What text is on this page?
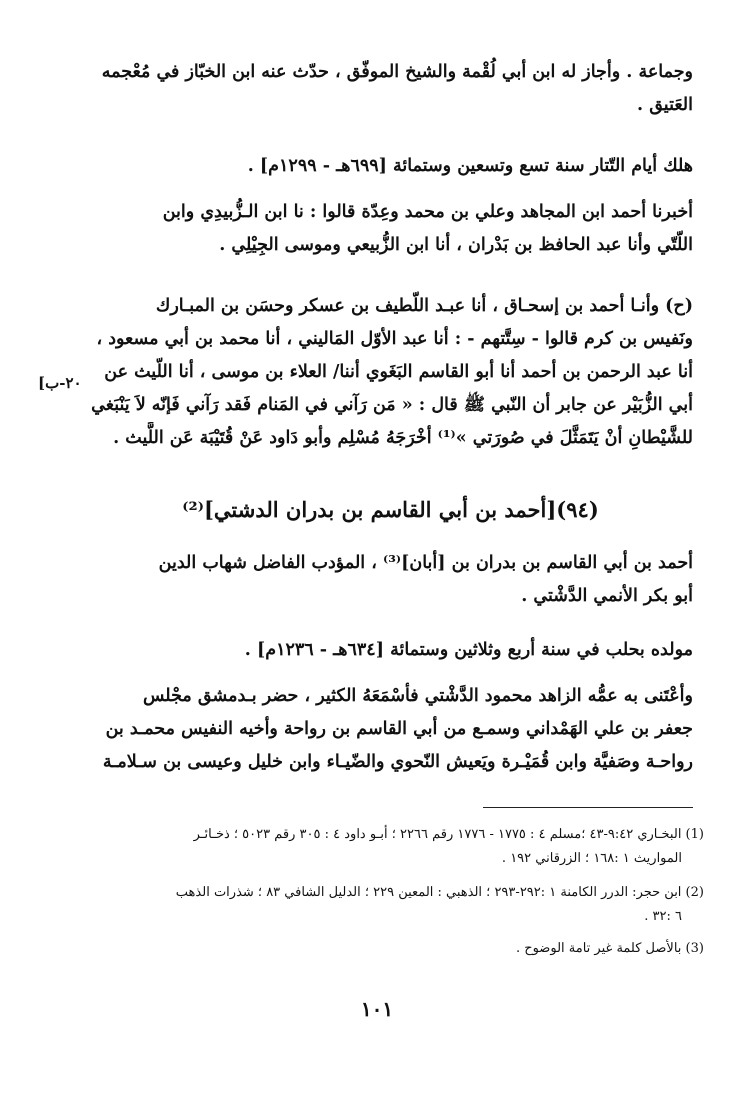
وجماعة . وأجاز له ابن أبي لُقْمة والشيخ الموفّق ، حدّث عنه ابن الخبّاز في مُعْجمه
العَتيق .
هلك أيام التّتار سنة تسع وتسعين وستمائة [٦٩٩هـ - ١٢٩٩م] .
أخبرنا أحمد ابن المجاهد وعلي بن محمد وعِدّة قالوا : نا ابن الـزُّبيدِي وابن
اللّتّي وأنا عبد الحافظ بن بَدْران ، أنا ابن الزُّبيعي وموسى الجِيْلِي .
(ح) وأنـا أحمد بن إسحـاق ، أنا عبـد اللّطيف بن عسكر وحسَن بن المبـارك
ونَفيس بن كرم قالوا - سِتَّتهم - : أنا عبد الأوّل المَاليني ، أنا محمد بن أبي مسعود ،
أنا عبد الرحمن بن أحمد أنا أبو القاسم البَغَوي أننا/ العلاء بن موسى ، أنا اللّيث عن
أبي الزُّبَيْر عن جابر أن النّبي ﷺ قال : « مَن رَآني في المَنام فَقد رَآني فَإنّه لاَ يَنْبَغي
للشَّيْطانِ أنْ يَتَمَثَّلَ في صُورَتي »⁽¹⁾ أخْرَجَهُ مُسْلِم وأبو دَاود عَنْ قُتَيْبَة عَن اللَّيث .
[٢٠-ب
(٩٤)[أحمد بن أبي القاسم بن بدران الدشتي]⁽²⁾
أحمد بن أبي القاسم بن بدران بن [أبان]⁽³⁾ ، المؤدب الفاضل شهاب الدين
أبو بكر الأنمي الدَّشْتي .
مولده بحلب في سنة أربع وثلاثين وستمائة [٦٣٤هـ - ١٢٣٦م] .
وأعْتَنى به عمُّه الزاهد محمود الدَّشْتي فأسْمَعَهُ الكثير ، حضر بـدمشق مجْلس
جعفر بن علي الهَمْداني وسمـع من أبي القاسم بن رواحة وأخيه النفيس محمـد بن
رواحـة وصَفيَّة وابن قُمَيْـرة ويَعيش النّحوي والضّيـاء وابن خليل وعيسى بن سـلامـة
(1) البخـاري ٩:٤٢-٤٣ ؛مسلم ٤ : ١٧٧٥ - ١٧٧٦ رقم ٢٢٦٦ ؛ أبـو داود ٤ : ٣٠٥ رقم ٥٠٢٣ ؛ ذخـائـر
المواريث ١ :١٦٨ ؛ الزرقاني ١٩٢ .
(2) ابن حجر: الدرر الكامنة ١ :٢٩٢-٢٩٣ ؛ الذهبي : المعين ٢٢٩ ؛ الدليل الشافي ٨٣ ؛ شذرات الذهب
٦ :٣٢ .
(3) بالأصل كلمة غير تامة الوضوح .
١٠١
